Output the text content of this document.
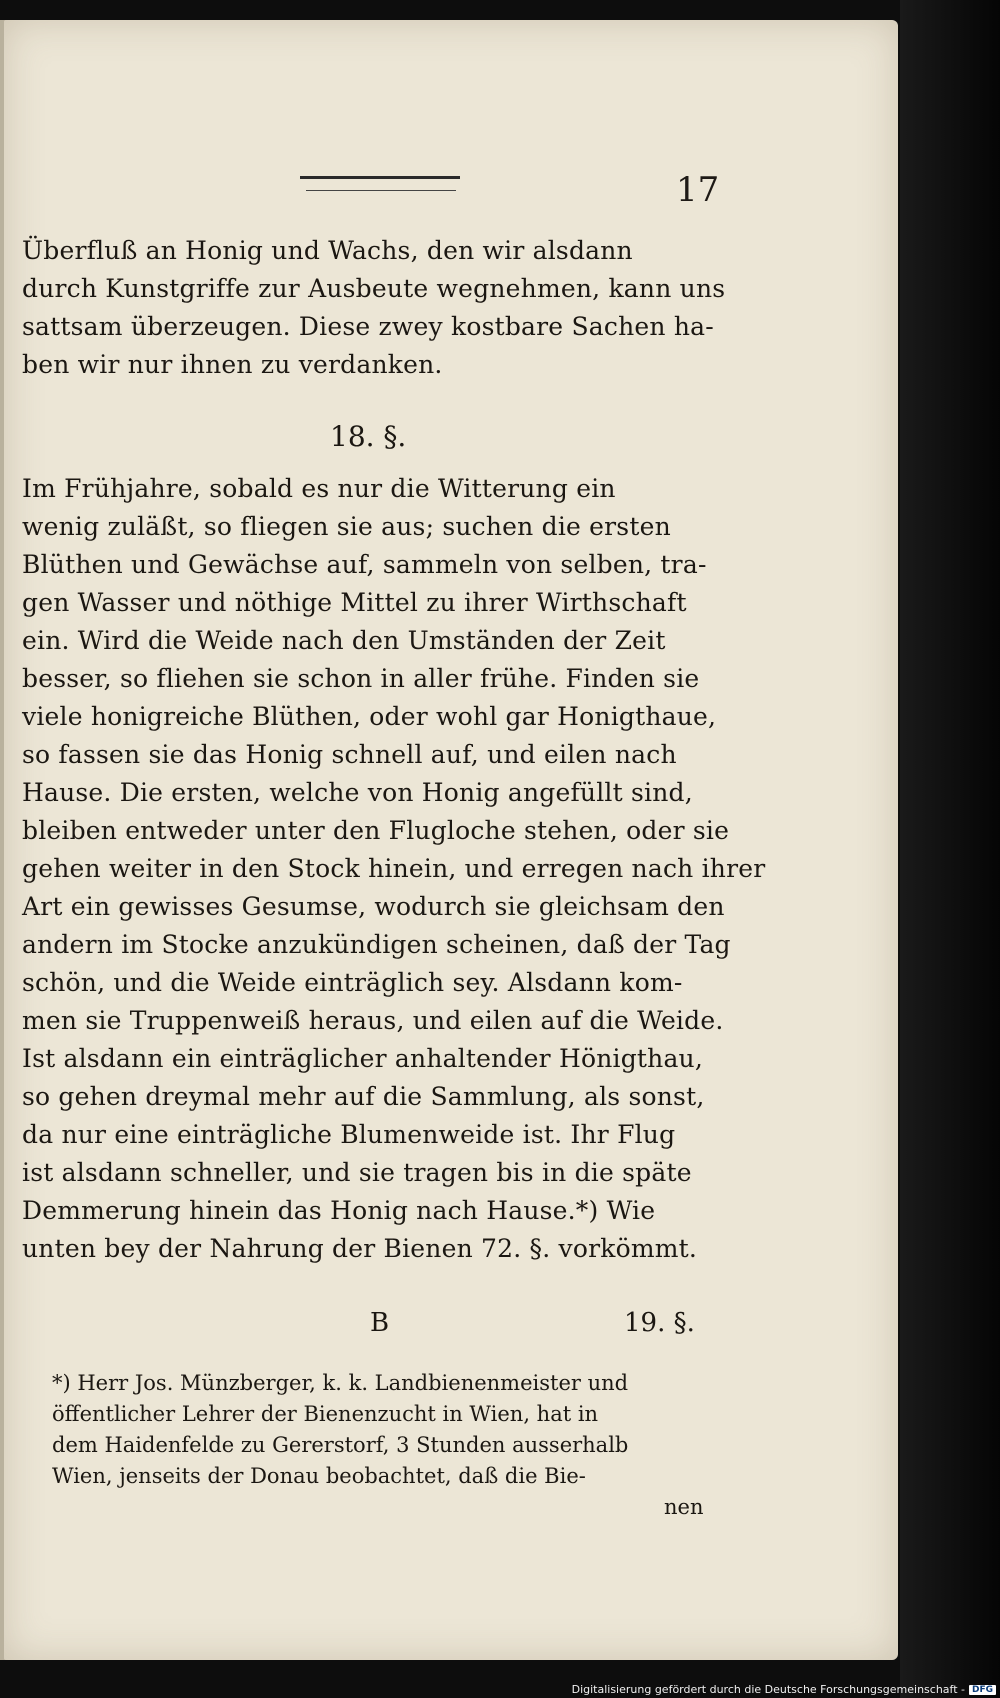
17
Überfluß an Honig und Wachs, den wir alsdann
durch Kunstgriffe zur Ausbeute wegnehmen, kann uns
sattsam überzeugen. Diese zwey kostbare Sachen ha-
ben wir nur ihnen zu verdanken.
18. §.
Im Frühjahre, sobald es nur die Witterung ein
wenig zuläßt, so fliegen sie aus; suchen die ersten
Blüthen und Gewächse auf, sammeln von selben, tra-
gen Wasser und nöthige Mittel zu ihrer Wirthschaft
ein. Wird die Weide nach den Umständen der Zeit
besser, so fliehen sie schon in aller frühe. Finden sie
viele honigreiche Blüthen, oder wohl gar Honigthaue,
so fassen sie das Honig schnell auf, und eilen nach
Hause. Die ersten, welche von Honig angefüllt sind,
bleiben entweder unter den Flugloche stehen, oder sie
gehen weiter in den Stock hinein, und erregen nach ihrer
Art ein gewisses Gesumse, wodurch sie gleichsam den
andern im Stocke anzukündigen scheinen, daß der Tag
schön, und die Weide einträglich sey. Alsdann kom-
men sie Truppenweiß heraus, und eilen auf die Weide.
Ist alsdann ein einträglicher anhaltender Hönigthau,
so gehen dreymal mehr auf die Sammlung, als sonst,
da nur eine einträgliche Blumenweide ist. Ihr Flug
ist alsdann schneller, und sie tragen bis in die späte
Demmerung hinein das Honig nach Hause.*) Wie
unten bey der Nahrung der Bienen 72. §. vorkömmt.
B	19. §.
*) Herr Jos. Münzberger, k. k. Landbienenmeister und
öffentlicher Lehrer der Bienenzucht in Wien, hat in
dem Haidenfelde zu Gererstorf, 3 Stunden ausserhalb
Wien, jenseits der Donau beobachtet, daß die Bie-
nen
Digitalisierung gefördert durch die Deutsche Forschungsgemeinschaft - DFG
